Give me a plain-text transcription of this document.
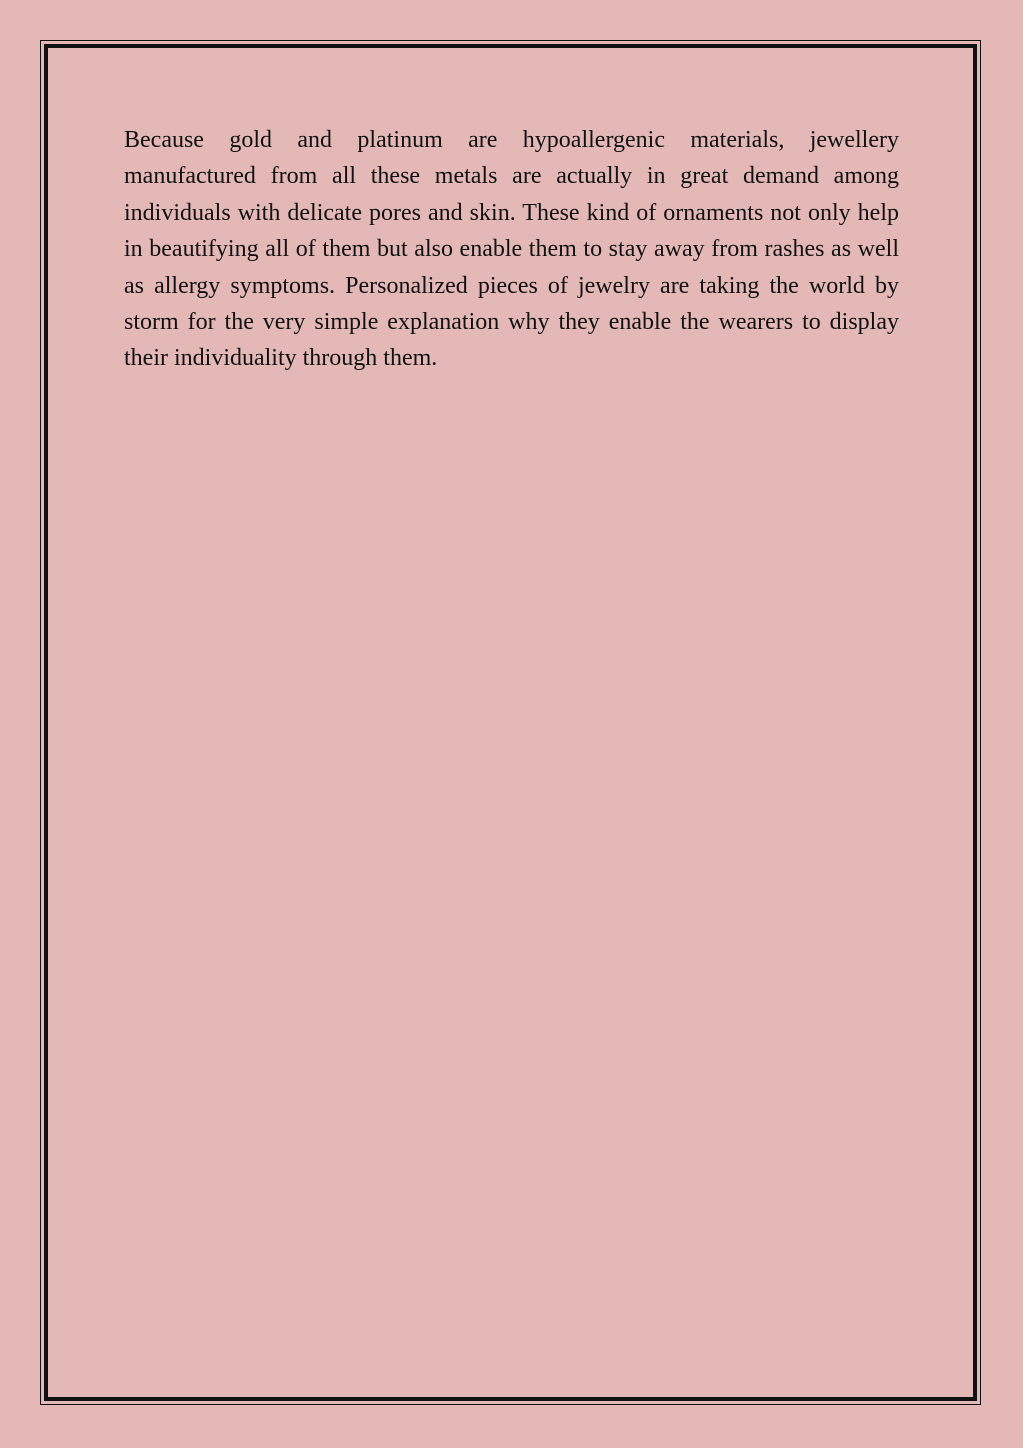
Because gold and platinum are hypoallergenic materials, jewellery manufactured from all these metals are actually in great demand among individuals with delicate pores and skin. These kind of ornaments not only help in beautifying all of them but also enable them to stay away from rashes as well as allergy symptoms. Personalized pieces of jewelry are taking the world by storm for the very simple explanation why they enable the wearers to display their individuality through them.
